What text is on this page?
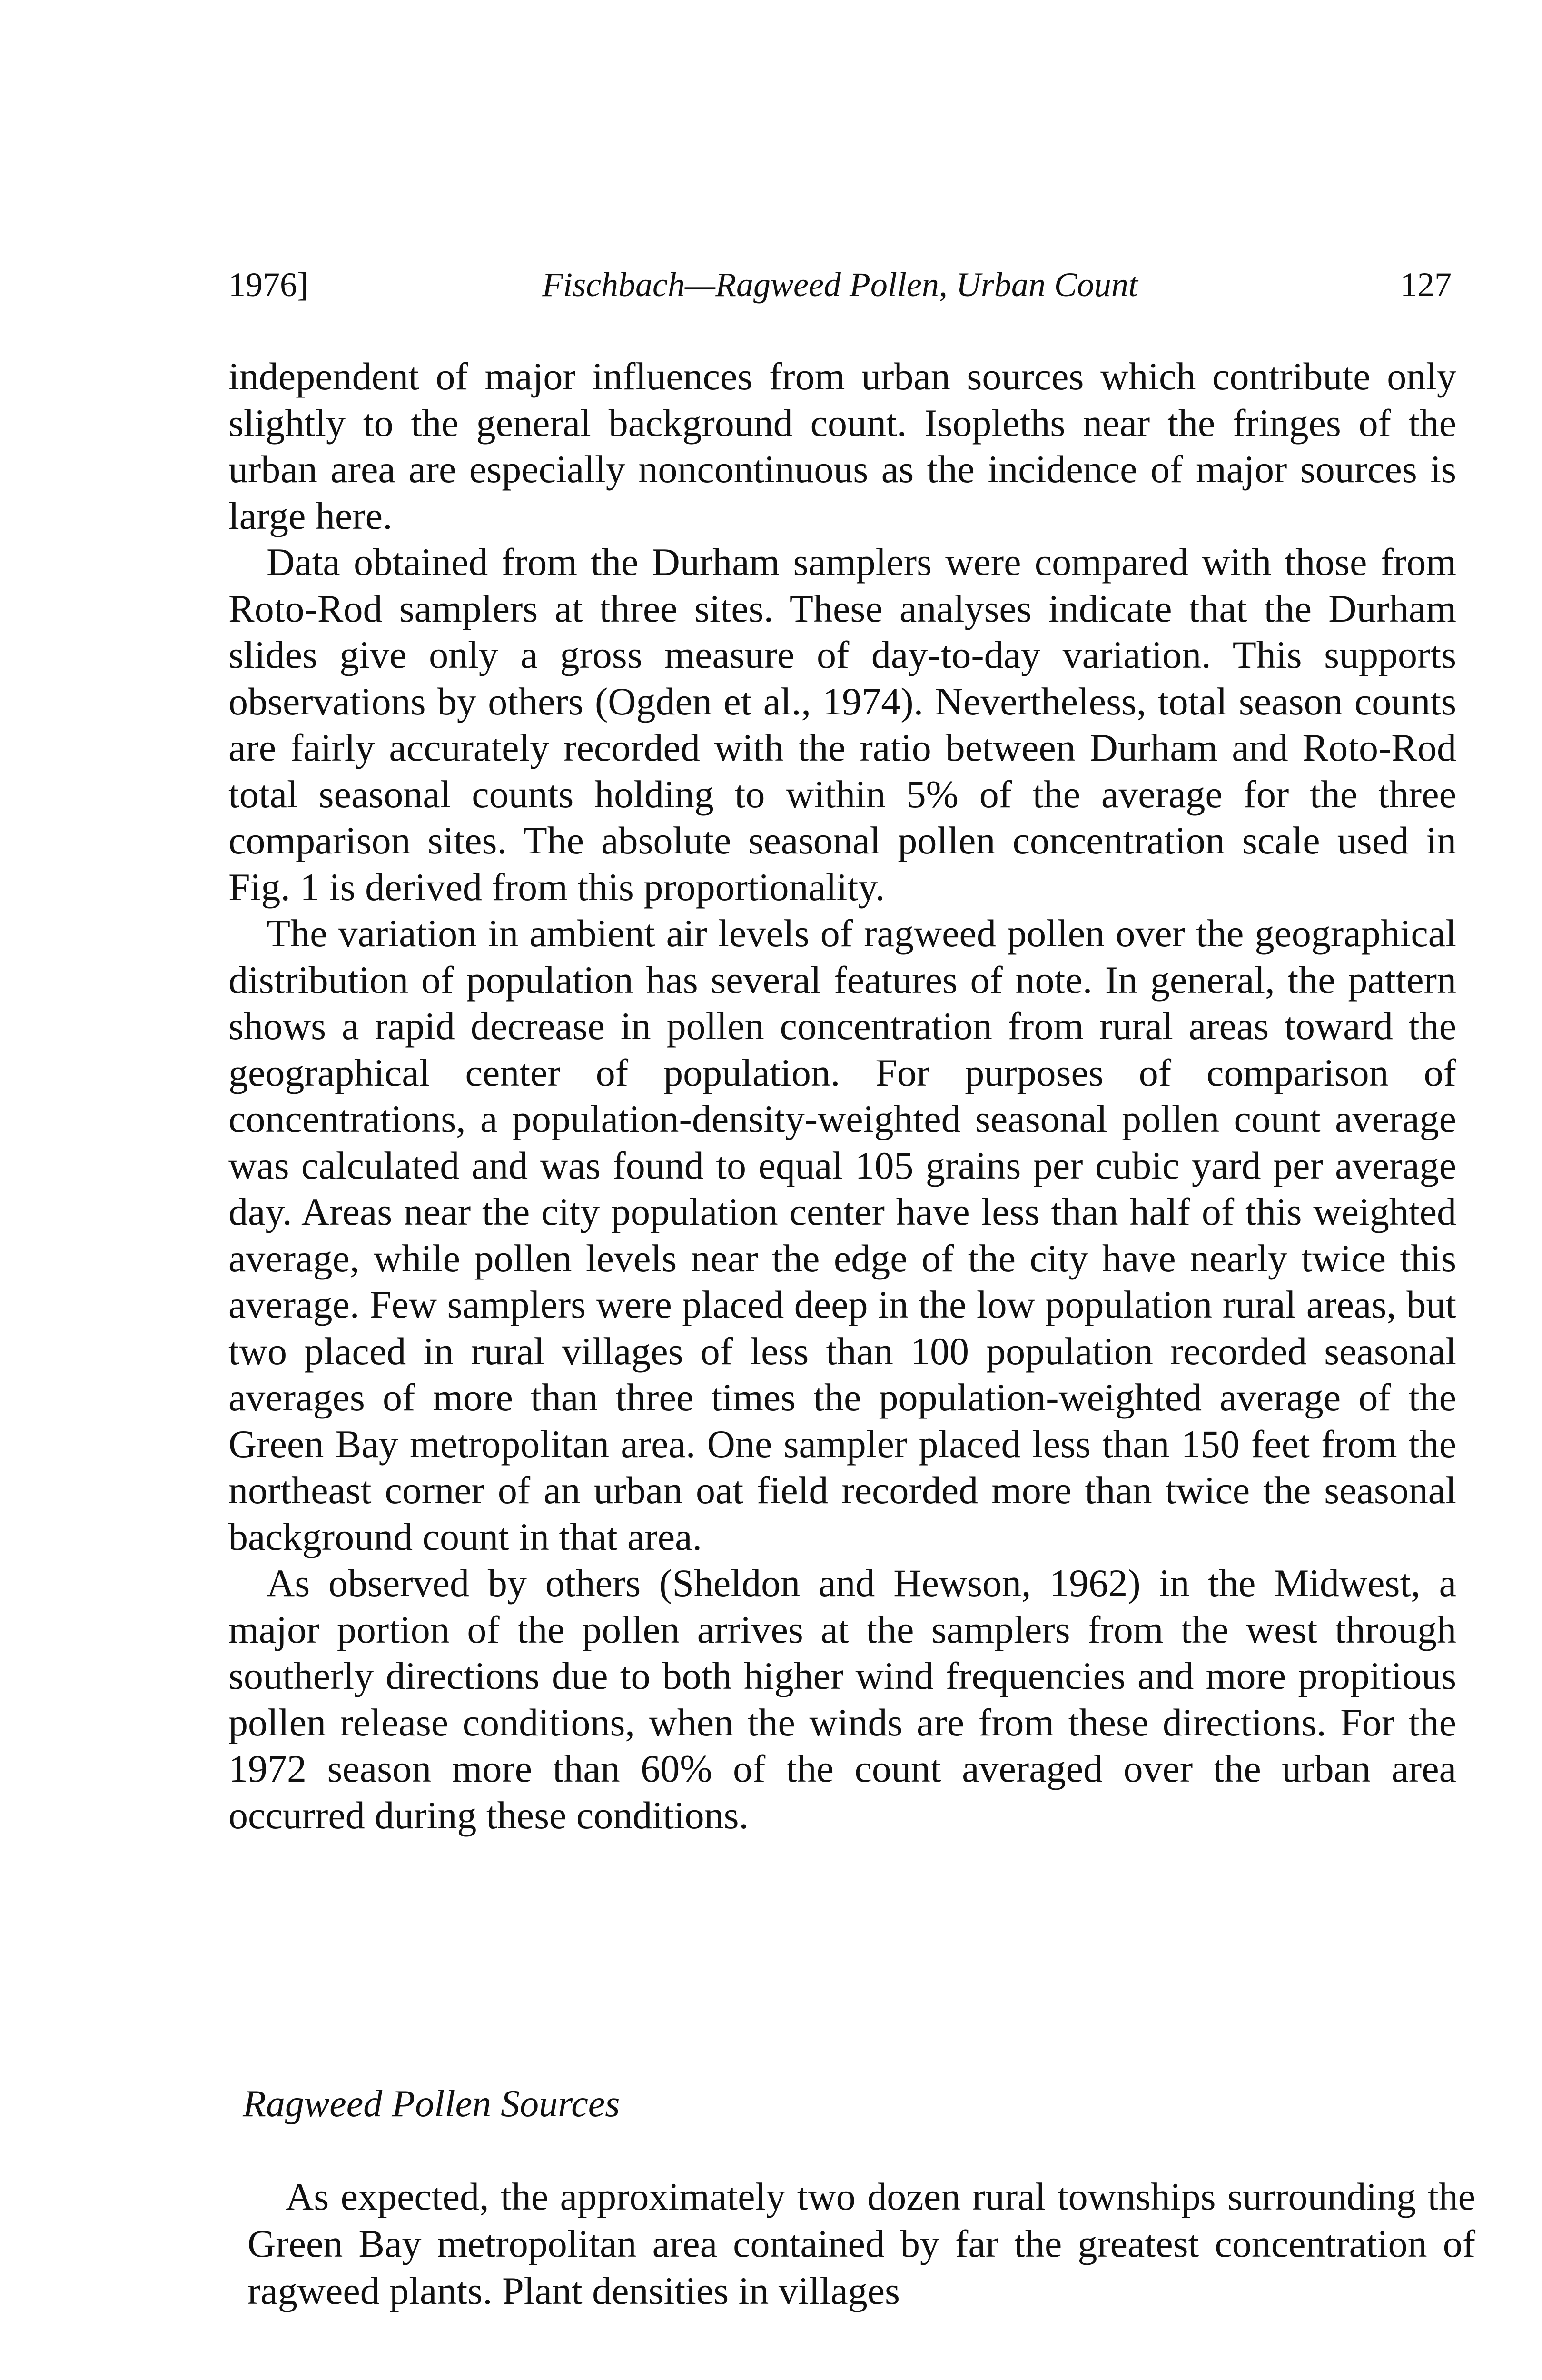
1976]	Fischbach—Ragweed Pollen, Urban Count	127

independent of major influences from urban sources which contribute only slightly to the general background count. Isopleths near the fringes of the urban area are especially noncontinuous as the incidence of major sources is large here.

Data obtained from the Durham samplers were compared with those from Roto-Rod samplers at three sites. These analyses indicate that the Durham slides give only a gross measure of day-to-day variation. This supports observations by others (Ogden et al., 1974). Nevertheless, total season counts are fairly accurately recorded with the ratio between Durham and Roto-Rod total seasonal counts holding to within 5% of the average for the three comparison sites. The absolute seasonal pollen concentration scale used in Fig. 1 is derived from this proportionality.

The variation in ambient air levels of ragweed pollen over the geographical distribution of population has several features of note. In general, the pattern shows a rapid decrease in pollen concentration from rural areas toward the geographical center of population. For purposes of comparison of concentrations, a population-density-weighted seasonal pollen count average was calculated and was found to equal 105 grains per cubic yard per average day. Areas near the city population center have less than half of this weighted average, while pollen levels near the edge of the city have nearly twice this average. Few samplers were placed deep in the low population rural areas, but two placed in rural villages of less than 100 population recorded seasonal averages of more than three times the population-weighted average of the Green Bay metropolitan area. One sampler placed less than 150 feet from the northeast corner of an urban oat field recorded more than twice the seasonal background count in that area.

As observed by others (Sheldon and Hewson, 1962) in the Midwest, a major portion of the pollen arrives at the samplers from the west through southerly directions due to both higher wind frequencies and more propitious pollen release conditions, when the winds are from these directions. For the 1972 season more than 60% of the count averaged over the urban area occurred during these conditions.

Ragweed Pollen Sources

As expected, the approximately two dozen rural townships surrounding the Green Bay metropolitan area contained by far the greatest concentration of ragweed plants. Plant densities in villages
